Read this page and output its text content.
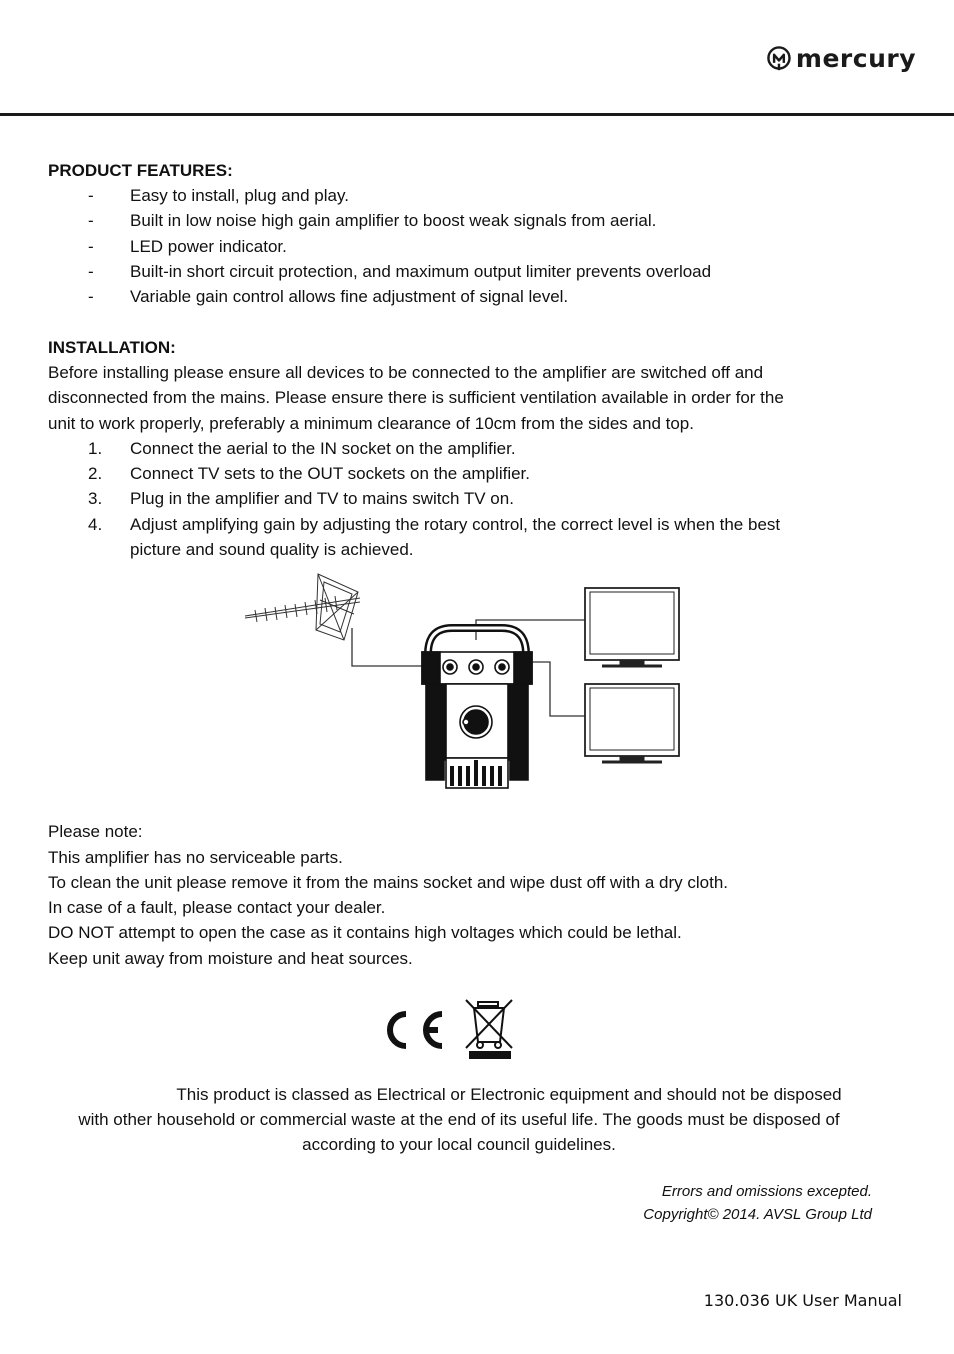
mercury
PRODUCT FEATURES:
- Easy to install, plug and play.
- Built in low noise high gain amplifier to boost weak signals from aerial.
- LED power indicator.
- Built-in short circuit protection, and maximum output limiter prevents overload
- Variable gain control allows fine adjustment of signal level.
INSTALLATION:
Before installing please ensure all devices to be connected to the amplifier are switched off and
disconnected from the mains. Please ensure there is sufficient ventilation available in order for the
unit to work properly, preferably a minimum clearance of 10cm from the sides and top.
1. Connect the aerial to the IN socket on the amplifier.
2. Connect TV sets to the OUT sockets on the amplifier.
3. Plug in the amplifier and TV to mains switch TV on.
4. Adjust amplifying gain by adjusting the rotary control, the correct level is when the best
picture and sound quality is achieved.
Please note:
This amplifier has no serviceable parts.
To clean the unit please remove it from the mains socket and wipe dust off with a dry cloth.
In case of a fault, please contact your dealer.
DO NOT attempt to open the case as it contains high voltages which could be lethal.
Keep unit away from moisture and heat sources.
This product is classed as Electrical or Electronic equipment and should not be disposed
with other household or commercial waste at the end of its useful life. The goods must be disposed of
according to your local council guidelines.
Errors and omissions excepted.
Copyright© 2014. AVSL Group Ltd
130.036 UK User Manual
